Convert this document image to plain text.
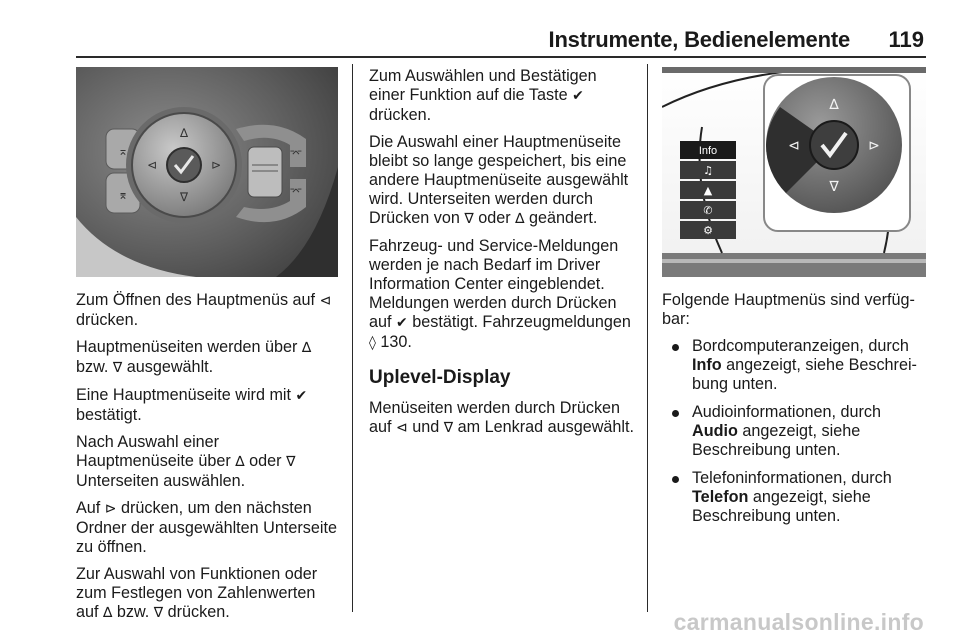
Instrumente, Bedienelemente 119
⌅
⌆
∆
∇
⊲	⊳
⌤
⌤

Zum Öffnen des Hauptmenüs auf ⊲ drücken.

Hauptmenüseiten werden über ∆ bzw. ∇ ausgewählt.

Eine Hauptmenüseite wird mit ✔ bestätigt.

Nach Auswahl einer Hauptmenüseite über ∆ oder ∇ Unterseiten auswählen.

Auf ⊳ drücken, um den nächsten Ordner der ausgewählten Unterseite zu öffnen.

Zur Auswahl von Funktionen oder zum Festlegen von Zahlenwerten auf ∆ bzw. ∇ drücken.

Zum Auswählen und Bestätigen einer Funktion auf die Taste ✔ drücken.

Die Auswahl einer Hauptmenüseite bleibt so lange gespeichert, bis eine andere Hauptmenüseite ausgewählt wird. Unterseiten werden durch Drücken von ∇ oder ∆ geändert.

Fahrzeug- und Service-Meldungen werden je nach Bedarf im Driver Information Center eingeblendet. Meldungen werden durch Drücken auf ✔ bestätigt. Fahrzeugmeldungen
◊ 130.

Uplevel-Display

Menüseiten werden durch Drücken auf ⊲ und ∇ am Lenkrad ausgewählt.

Info
♫
▲
✆
⚙
∆
∇
⊲	⊳

Folgende Hauptmenüs sind verfügbar:

Bordcomputeranzeigen, durch Info angezeigt, siehe Beschreibung unten.
Audioinformationen, durch Audio angezeigt, siehe Beschreibung unten.
Telefoninformationen, durch Telefon angezeigt, siehe Beschreibung unten.
carmanualsonline.info
